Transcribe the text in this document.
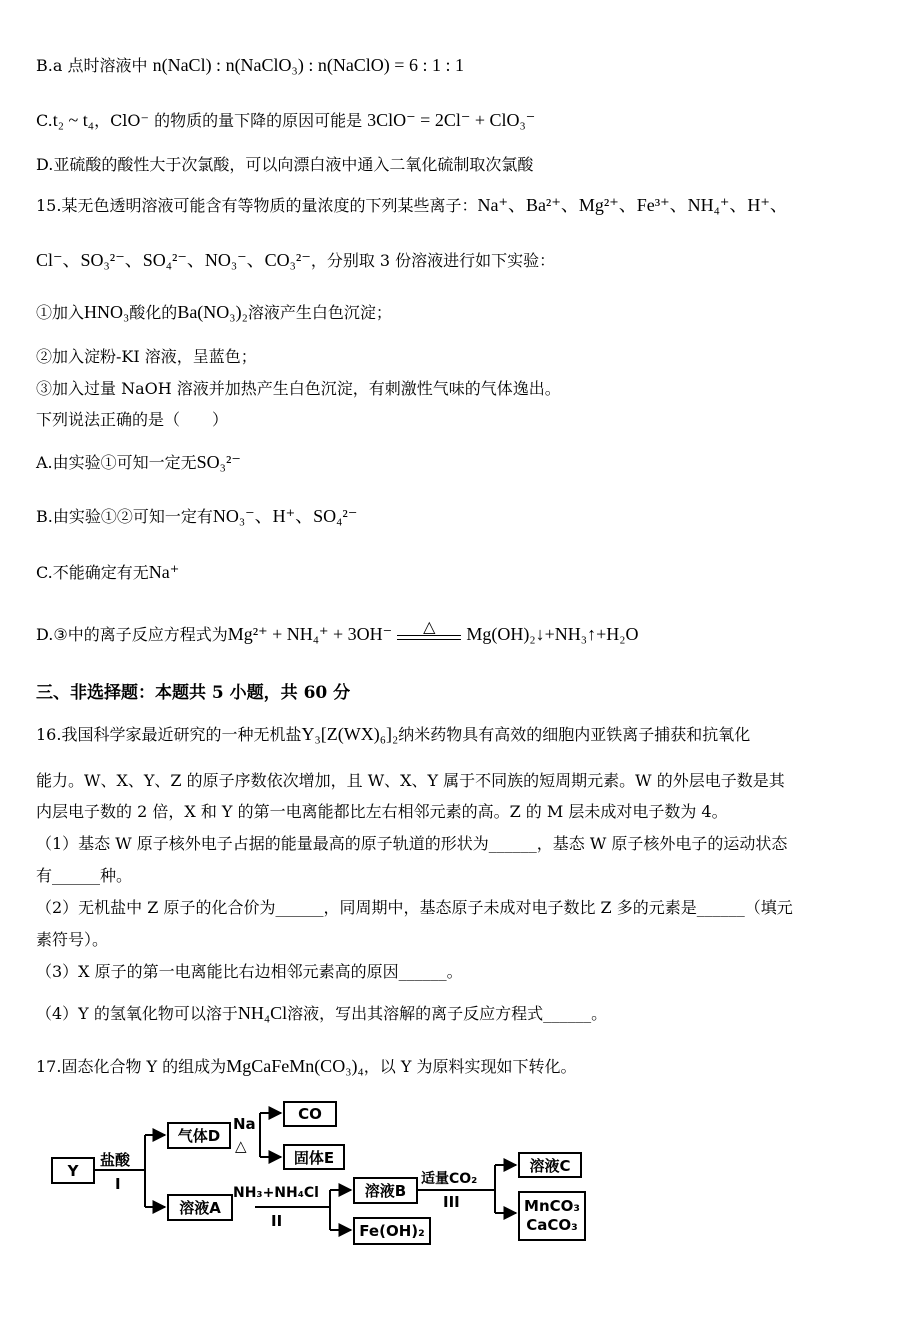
B.a 点时溶液中 n(NaCl) : n(NaClO₃) : n(NaClO) = 6 : 1 : 1
C.t₂ ~ t₄，ClO⁻ 的物质的量下降的原因可能是 3ClO⁻ = 2Cl⁻ + ClO₃⁻
D.亚硫酸的酸性大于次氯酸，可以向漂白液中通入二氧化硫制取次氯酸
15.某无色透明溶液可能含有等物质的量浓度的下列某些离子：Na⁺、Ba²⁺、Mg²⁺、Fe³⁺、NH₄⁺、H⁺、
Cl⁻、SO₃²⁻、SO₄²⁻、NO₃⁻、CO₃²⁻，分别取 3 份溶液进行如下实验：
①加入HNO₃酸化的Ba(NO₃)₂溶液产生白色沉淀；
②加入淀粉-KI 溶液，呈蓝色；
③加入过量 NaOH 溶液并加热产生白色沉淀，有刺激性气味的气体逸出。
下列说法正确的是（　　）
A.由实验①可知一定无SO₃²⁻
B.由实验①②可知一定有NO₃⁻、H⁺、SO₄²⁻
C.不能确定有无Na⁺
D.③中的离子反应方程式为Mg²⁺ + NH₄⁺ + 3OH⁻	△	Mg(OH)₂↓+NH₃↑+H₂O
三、非选择题：本题共 5 小题，共 60 分
16.我国科学家最近研究的一种无机盐Y₃[Z(WX)₆]₂纳米药物具有高效的细胞内亚铁离子捕获和抗氧化
能力。W、X、Y、Z 的原子序数依次增加，且 W、X、Y 属于不同族的短周期元素。W 的外层电子数是其
内层电子数的 2 倍，X 和 Y 的第一电离能都比左右相邻元素的高。Z 的 M 层未成对电子数为 4。
（1）基态 W 原子核外电子占据的能量最高的原子轨道的形状为______，基态 W 原子核外电子的运动状态
有______种。
（2）无机盐中 Z 原子的化合价为______，同周期中，基态原子未成对电子数比 Z 多的元素是______（填元
素符号）。
（3）X 原子的第一电离能比右边相邻元素高的原因______。
（4）Y 的氢氧化物可以溶于NH₄Cl溶液，写出其溶解的离子反应方程式______。
17.固态化合物 Y 的组成为MgCaFeMn(CO₃)₄，以 Y 为原料实现如下转化。
Y
盐酸
I
气体D
Na
△
CO
固体E
溶液A
NH₃+NH₄Cl
II
溶液B
Fe(OH)₂
适量CO₂
III
溶液C
MnCO₃
CaCO₃
